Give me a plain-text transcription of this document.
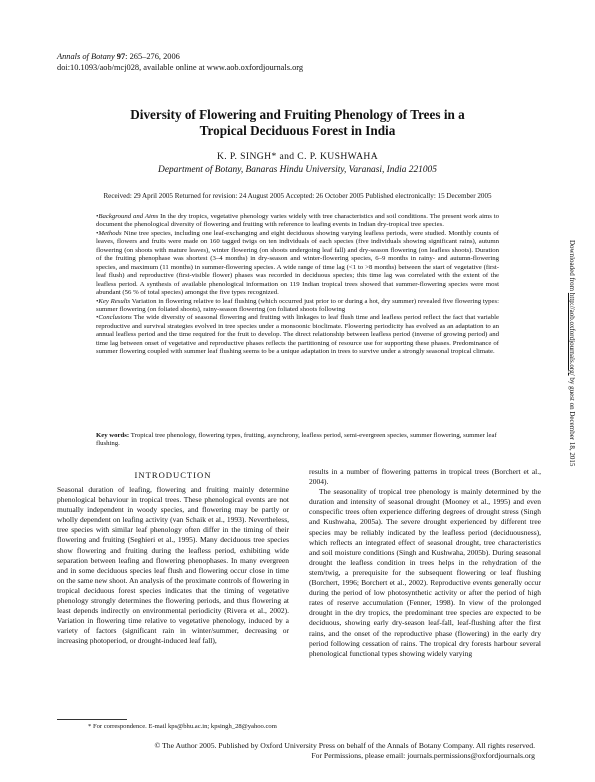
Annals of Botany 97: 265–276, 2006
doi:10.1093/aob/mcj028, available online at www.aob.oxfordjournals.org
Diversity of Flowering and Fruiting Phenology of Trees in a
Tropical Deciduous Forest in India
K. P. SINGH* and C. P. KUSHWAHA
Department of Botany, Banaras Hindu University, Varanasi, India 221005
Received: 29 April 2005 Returned for revision: 24 August 2005 Accepted: 26 October 2005 Published electronically: 15 December 2005

•Background and Aims In the dry tropics, vegetative phenology varies widely with tree characteristics and soil conditions. The present work aims to document the phenological diversity of flowering and fruiting with reference to leafing events in Indian dry-tropical tree species.

•Methods Nine tree species, including one leaf-exchanging and eight deciduous showing varying leafless periods, were studied. Monthly counts of leaves, flowers and fruits were made on 160 tagged twigs on ten individuals of each species (five individuals showing significant rains), autumn flowering (on shoots with mature leaves), winter flowering (on shoots undergoing leaf fall) and dry-season flowering (on leafless shoots). Duration of the fruiting phenophase was shortest (3–4 months) in dry-season and winter-flowering species, 6–9 months in rainy- and autumn-flowering species, and maximum (11 months) in summer-flowering species. A wide range of time lag (<1 to >8 months) between the start of vegetative (first-leaf flush) and reproductive (first-visible flower) phases was recorded in deciduous species; this time lag was correlated with the extent of the leafless period. A synthesis of available phenological information on 119 Indian tropical trees showed that summer-flowering species were most abundant (56 % of total species) amongst the five types recognized.

•Key Results Variation in flowering relative to leaf flushing (which occurred just prior to or during a hot, dry summer) revealed five flowering types: summer flowering (on foliated shoots), rainy-season flowering (on foliated shoots following

•Conclusions The wide diversity of seasonal flowering and fruiting with linkages to leaf flush time and leafless period reflect the fact that variable reproductive and survival strategies evolved in tree species under a monsoonic bioclimate. Flowering periodicity has evolved as an adaptation to an annual leafless period and the time required for the fruit to develop. The direct relationship between leafless period (inverse of growing period) and time lag between onset of vegetative and reproductive phases reflects the partitioning of resource use for supporting these phases. Predominance of summer flowering coupled with summer leaf flushing seems to be a unique adaptation in trees to survive under a strongly seasonal tropical climate.

Key words: Tropical tree phenology, flowering types, fruiting, asynchrony, leafless period, semi-evergreen species, summer flowering, summer leaf flushing.
INTRODUCTION

Seasonal duration of leafing, flowering and fruiting mainly determine phenological behaviour in tropical trees. These phenological events are not mutually independent in woody species, and flowering may be partly or wholly dependent on leafing activity (van Schaik et al., 1993). Nevertheless, tree species with similar leaf phenology often differ in the timing of their flowering and fruiting (Seghieri et al., 1995). Many deciduous tree species show flowering and fruiting during the leafless period, exhibiting wide separation between leafing and flowering phenophases. In many evergreen and in some deciduous species leaf flush and flowering occur close in time on the same new shoot. An analysis of the proximate controls of flowering in tropical deciduous forest species indicates that the timing of vegetative phenology strongly determines the flowering periods, and thus flowering at least depends indirectly on environmental periodicity (Rivera et al., 2002). Variation in flowering time relative to vegetative phenology, induced by a variety of factors (significant rain in winter/summer, decreasing or increasing photoperiod, or drought-induced leaf fall),

results in a number of flowering patterns in tropical trees (Borchert et al., 2004).

The seasonality of tropical tree phenology is mainly determined by the duration and intensity of seasonal drought (Mooney et al., 1995) and even conspecific trees often experience differing degrees of drought stress (Singh and Kushwaha, 2005a). The severe drought experienced by different tree species may be reliably indicated by the leafless period (deciduousness), which reflects an integrated effect of seasonal drought, tree characteristics and soil moisture conditions (Singh and Kushwaha, 2005b). During seasonal drought the leafless condition in trees helps in the rehydration of the stem/twig, a prerequisite for the subsequent flowering or leaf flushing (Borchert, 1996; Borchert et al., 2002). Reproductive events generally occur during the period of low photosynthetic activity or after the period of high rates of reserve accumulation (Fenner, 1998). In view of the prolonged drought in the dry tropics, the predominant tree species are expected to be deciduous, showing early dry-season leaf-fall, leaf-flushing after the first rains, and the onset of the reproductive phase (flowering) in the early dry period following cessation of rains. The tropical dry forests harbour several phenological functional types showing widely varying

* For correspondence. E-mail kps@bhu.ac.in; kpsingh_28@yahoo.com
© The Author 2005. Published by Oxford University Press on behalf of the Annals of Botany Company. All rights reserved.
For Permissions, please email: journals.permissions@oxfordjournals.org
Downloaded from http://aob.oxfordjournals.org/ by guest on December 18, 2015
